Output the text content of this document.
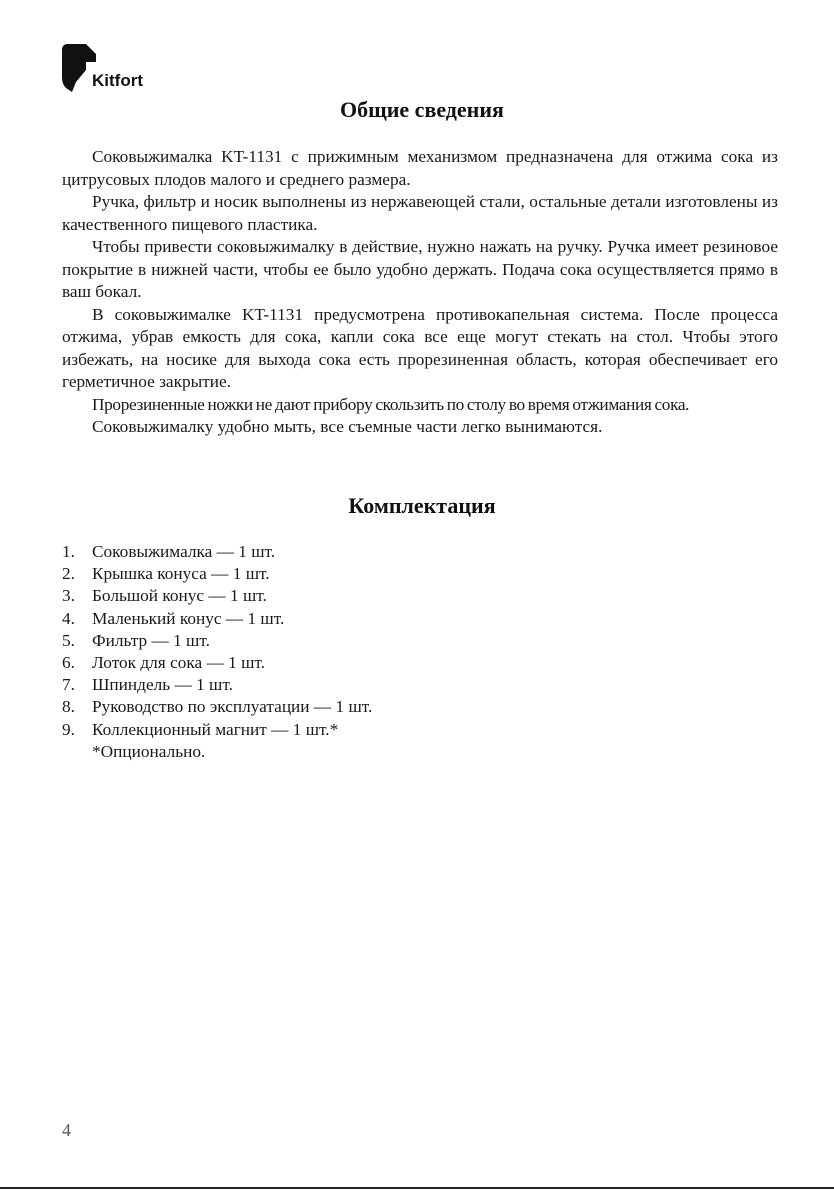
Kitfort
Общие сведения

Соковыжималка KT-1131 с прижимным механизмом предназначена для отжима сока из цитрусовых плодов малого и среднего размера.

Ручка, фильтр и носик выполнены из нержавеющей стали, остальные детали изготовлены из качественного пищевого пластика.

Чтобы привести соковыжималку в действие, нужно нажать на ручку. Ручка имеет резиновое покрытие в нижней части, чтобы ее было удобно держать. Подача сока осуществляется прямо в ваш бокал.

В соковыжималке KT-1131 предусмотрена противокапельная система. После процесса отжима, убрав емкость для сока, капли сока все еще могут стекать на стол. Чтобы этого избежать, на носике для выхода сока есть прорезиненная область, которая обеспечивает его герметичное закрытие.

Прорезиненные ножки не дают прибору скользить по столу во время отжимания сока.

Соковыжималку удобно мыть, все съемные части легко вынимаются.

Комплектация
1. Соковыжималка — 1 шт.
2. Крышка конуса — 1 шт.
3. Большой конус — 1 шт.
4. Маленький конус — 1 шт.
5. Фильтр — 1 шт.
6. Лоток для сока — 1 шт.
7. Шпиндель — 1 шт.
8. Руководство по эксплуатации — 1 шт.
9. Коллекционный магнит — 1 шт.*
*Опционально.
4
